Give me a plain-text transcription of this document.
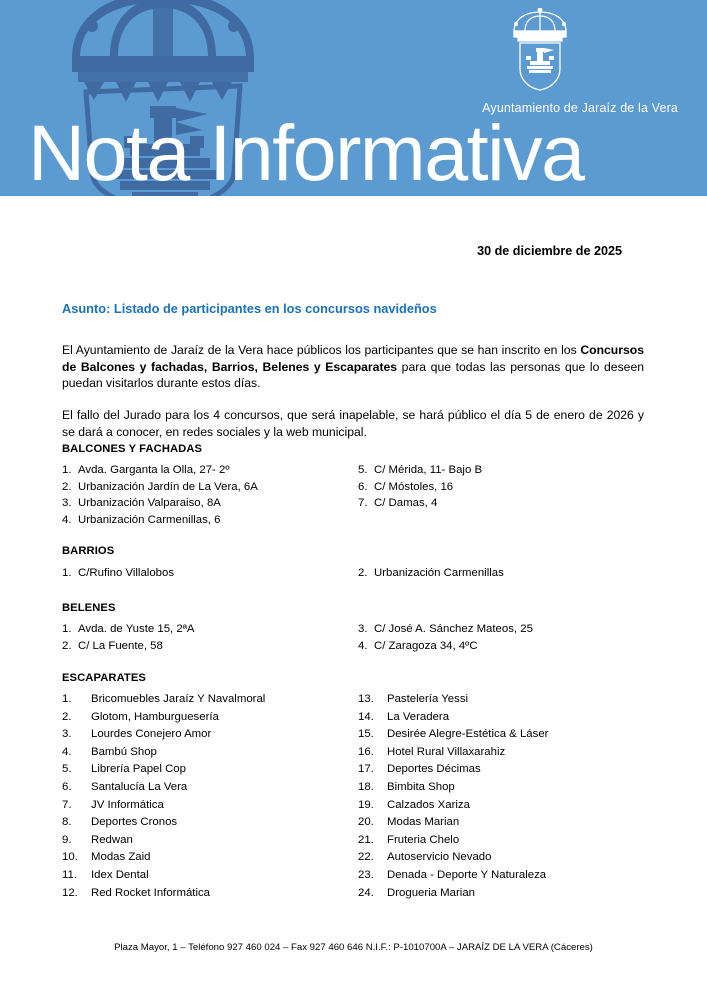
Ayuntamiento de Jaraíz de la Vera
Nota Informativa
30 de diciembre de 2025
Asunto: Listado de participantes en los concursos navideños

El Ayuntamiento de Jaraíz de la Vera hace públicos los participantes que se han inscrito en los Concursos de Balcones y fachadas, Barrios, Belenes y Escaparates para que todas las personas que lo deseen puedan visitarlos durante estos días.

El fallo del Jurado para los 4 concursos, que será inapelable, se hará público el día 5 de enero de 2026 y se dará a conocer, en redes sociales y la web municipal.

BALCONES Y FACHADAS
1. Avda. Garganta la Olla, 27- 2º
2. Urbanización Jardín de La Vera, 6A
3. Urbanización Valparaiso, 8A
4. Urbanización Carmenillas, 6
5. C/ Mérida, 11- Bajo B
6. C/ Móstoles, 16
7. C/ Damas, 4
BARRIOS
1. C/Rufino Villalobos	2. Urbanización Carmenillas
BELENES
1. Avda. de Yuste 15, 2ªA
2. C/ La Fuente, 58
3. C/ José A. Sánchez Mateos, 25
4. C/ Zaragoza 34, 4ºC
ESCAPARATES
1.	Bricomuebles Jaraíz Y Navalmoral
2.	Glotom, Hamburguesería
3.	Lourdes Conejero Amor
4.	Bambú Shop
5.	Librería Papel Cop
6.	Santalucía La Vera
7.	JV Informática
8.	Deportes Cronos
9.	Redwan
10.	Modas Zaid
11.	Idex Dental
12.	Red Rocket Informática
13.	Pastelería Yessi
14.	La Veradera
15.	Desirée Alegre-Estética & Láser
16.	Hotel Rural Villaxarahiz
17.	Deportes Décimas
18.	Bimbita Shop
19.	Calzados Xariza
20.	Modas Marian
21.	Fruteria Chelo
22.	Autoservicio Nevado
23.	Denada - Deporte Y Naturaleza
24.	Drogueria Marian
Plaza Mayor, 1 – Teléfono 927 460 024 – Fax 927 460 646 N.I.F.: P-1010700A – JARAÍZ DE LA VERA (Cáceres)
